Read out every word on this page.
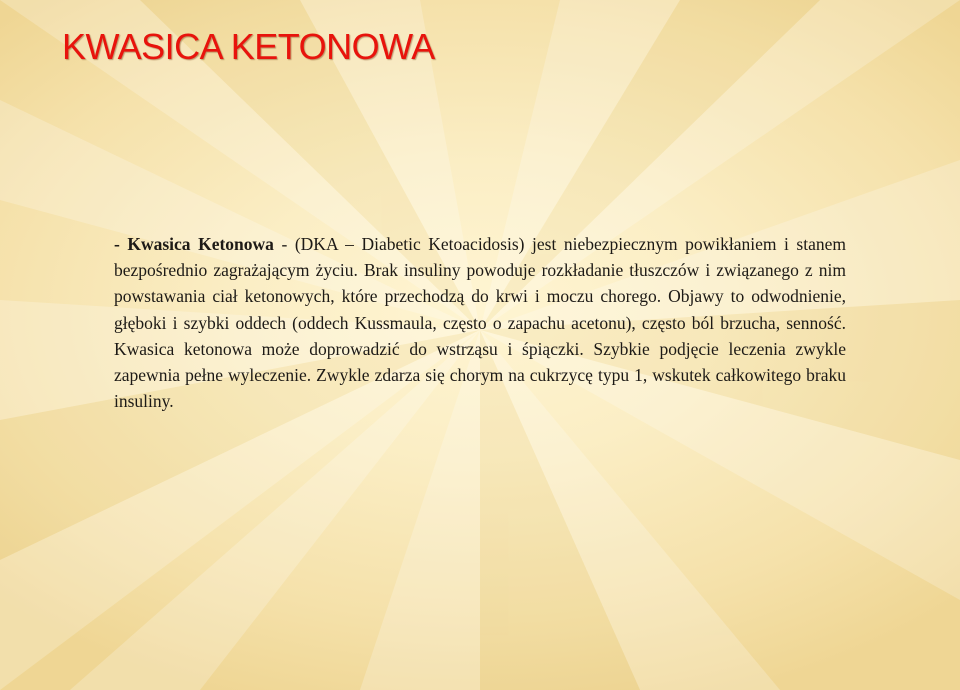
KWASICA KETONOWA

- Kwasica Ketonowa - (DKA – Diabetic Ketoacidosis) jest niebezpiecznym powikłaniem i stanem bezpośrednio zagrażającym życiu. Brak insuliny powoduje rozkładanie tłuszczów i związanego z nim powstawania ciał ketonowych, które przechodzą do krwi i moczu chorego. Objawy to odwodnienie, głęboki i szybki oddech (oddech Kussmaula, często o zapachu acetonu), często ból brzucha, senność. Kwasica ketonowa może doprowadzić do wstrząsu i śpiączki. Szybkie podjęcie leczenia zwykle zapewnia pełne wyleczenie. Zwykle zdarza się chorym na cukrzycę typu 1, wskutek całkowitego braku insuliny.
